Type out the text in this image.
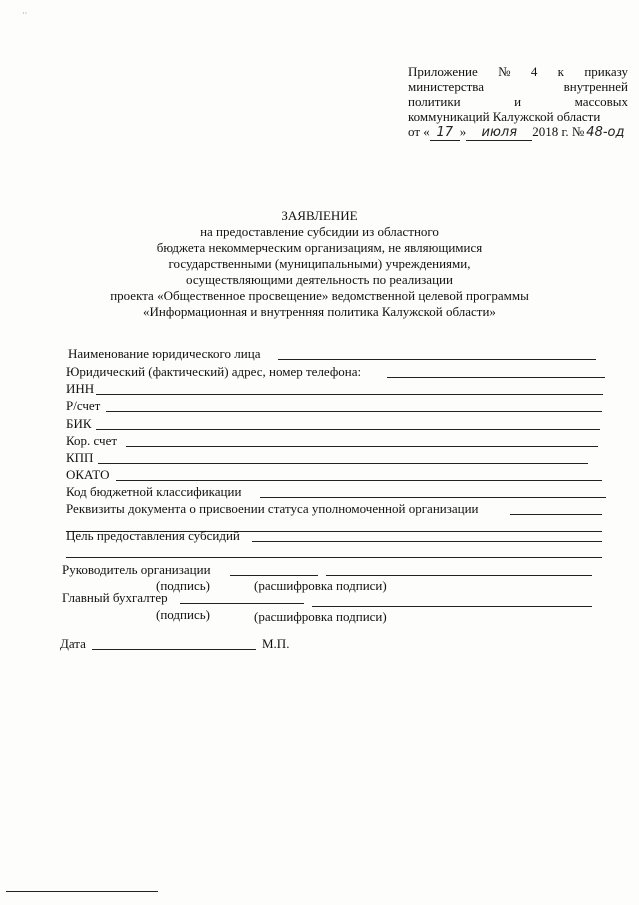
··
Приложение № 4 к приказу
министерства	внутренней
политики	и	массовых
коммуникаций Калужской области
от « 17 » июля 2018 г. № 48-од
ЗАЯВЛЕНИЕ
на предоставление субсидии из областного
бюджета некоммерческим организациям, не являющимися
государственными (муниципальными) учреждениями,
осуществляющими деятельность по реализации
проекта «Общественное просвещение» ведомственной целевой программы
«Информационная и внутренняя политика Калужской области»
Наименование юридического лица
Юридический (фактический) адрес, номер телефона:
ИНН
Р/счет
БИК
Кор. счет
КПП
ОКАТО
Код бюджетной классификации
Реквизиты документа о присвоении статуса уполномоченной организации
Цель предоставления субсидий
Руководитель организации
(подпись)	(расшифровка подписи)
Главный бухгалтер
(подпись)	(расшифровка подписи)
Дата	М.П.
